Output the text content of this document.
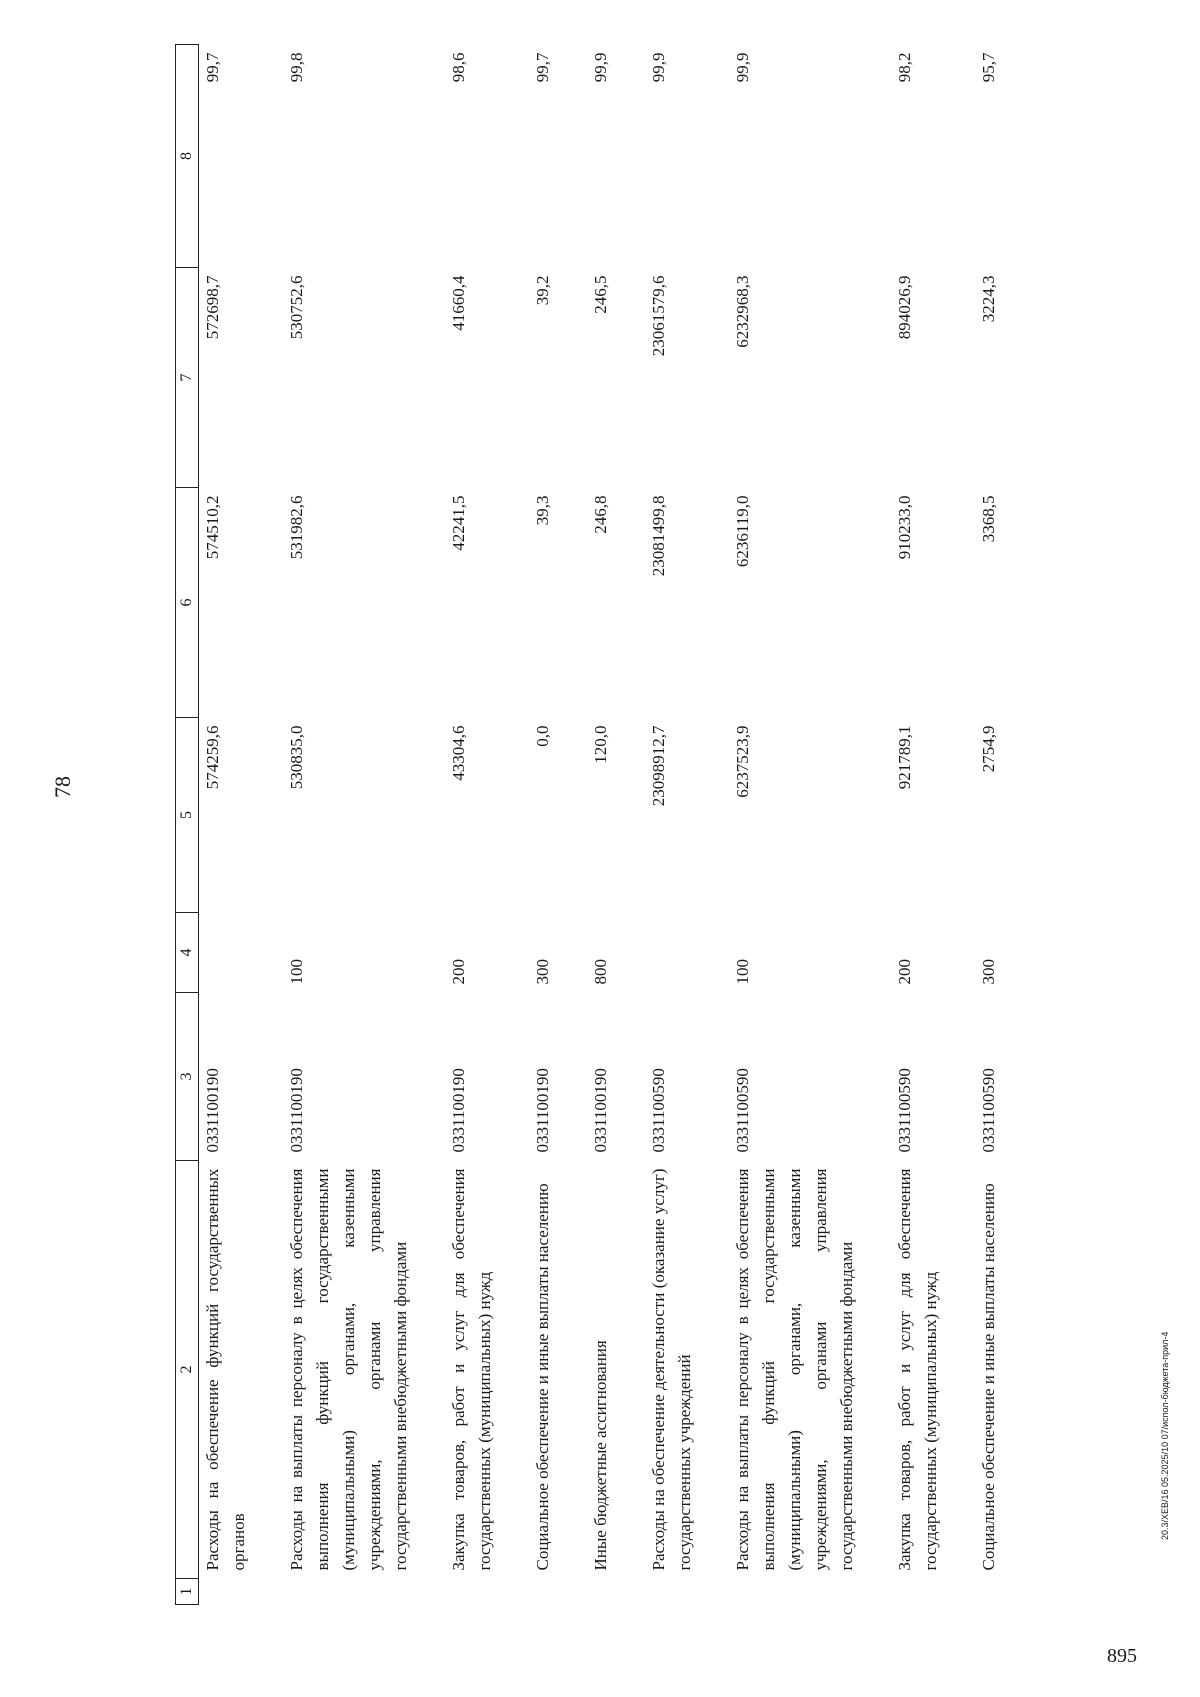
78
895
20.3/ХЕВ/16 05.2025/10 07/испол-бюджета-прил-4
1	2	3	4	5	6	7	8
	Расходы на обеспечение функций государственных органов	0331100190		574259,6	574510,2	572698,7	99,7
	Расходы на выплаты персоналу в целях обеспечения выполнения функций государственными (муниципальными) органами, казенными учреждениями, органами управления государственными внебюджетными фондами	0331100190	100	530835,0	531982,6	530752,6	99,8
	Закупка товаров, работ и услуг для обеспечения государственных (муниципальных) нужд	0331100190	200	43304,6	42241,5	41660,4	98,6
	Социальное обеспечение и иные выплаты населению	0331100190	300	0,0	39,3	39,2	99,7
	Иные бюджетные ассигнования	0331100190	800	120,0	246,8	246,5	99,9
	Расходы на обеспечение деятельности (оказание услуг) государственных учреждений	0331100590		23098912,7	23081499,8	23061579,6	99,9
	Расходы на выплаты персоналу в целях обеспечения выполнения функций государственными (муниципальными) органами, казенными учреждениями, органами управления государственными внебюджетными фондами	0331100590	100	6237523,9	6236119,0	6232968,3	99,9
	Закупка товаров, работ и услуг для обеспечения государственных (муниципальных) нужд	0331100590	200	921789,1	910233,0	894026,9	98,2
	Социальное обеспечение и иные выплаты населению	0331100590	300	2754,9	3368,5	3224,3	95,7
